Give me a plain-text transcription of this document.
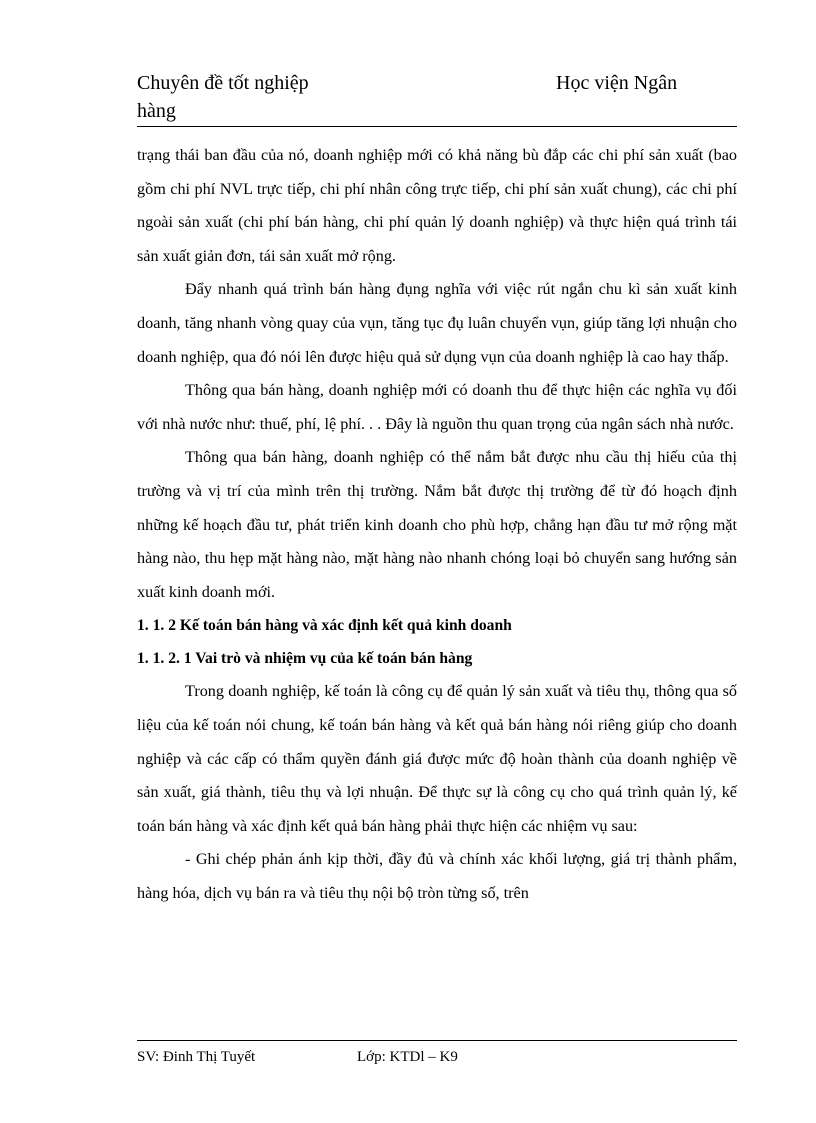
Chuyên đề tốt nghiệp	Học viện Ngân
hàng

trạng thái ban đầu của nó, doanh nghiệp mới có khả năng bù đắp các chi phí sản xuất (bao gồm chi phí NVL trực tiếp, chi phí nhân công trực tiếp, chi phí sản xuất chung), các chi phí ngoài sản xuất (chi phí bán hàng, chi phí quản lý doanh nghiệp) và thực hiện quá trình tái sản xuất giản đơn, tái sản xuất mở rộng.

Đẩy nhanh quá trình bán hàng đụng nghĩa với việc rút ngắn chu kì sản xuất kinh doanh, tăng nhanh vòng quay của vụn, tăng tục đụ luân chuyển vụn, giúp tăng lợi nhuận cho doanh nghiệp, qua đó nói lên được hiệu quả sử dụng vụn của doanh nghiệp là cao hay thấp.

Thông qua bán hàng, doanh nghiệp mới có doanh thu để thực hiện các nghĩa vụ đối với nhà nước như: thuế, phí, lệ phí. . . Đây là nguồn thu quan trọng của ngân sách nhà nước.

Thông qua bán hàng, doanh nghiệp có thể nắm bắt được nhu cầu thị hiếu của thị trường và vị trí của mình trên thị trường. Nắm bắt được thị trường để từ đó hoạch định những kế hoạch đầu tư, phát triển kinh doanh cho phù hợp, chẳng hạn đầu tư mở rộng mặt hàng nào, thu hẹp mặt hàng nào, mặt hàng nào nhanh chóng loại bỏ chuyển sang hướng sản xuất kinh doanh mới.

1. 1. 2 Kế toán bán hàng và xác định kết quả kinh doanh

1. 1. 2. 1 Vai trò và nhiệm vụ của kế toán bán hàng

Trong doanh nghiệp, kế toán là công cụ để quản lý sản xuất và tiêu thụ, thông qua số liệu của kế toán nói chung, kế toán bán hàng và kết quả bán hàng nói riêng giúp cho doanh nghiệp và các cấp có thẩm quyền đánh giá được mức độ hoàn thành của doanh nghiệp về sản xuất, giá thành, tiêu thụ và lợi nhuận. Để thực sự là công cụ cho quá trình quản lý, kế toán bán hàng và xác định kết quả bán hàng phải thực hiện các nhiệm vụ sau:

- Ghi chép phản ánh kịp thời, đầy đủ và chính xác khối lượng, giá trị thành phẩm, hàng hóa, dịch vụ bán ra và tiêu thụ nội bộ tròn từng số, trên

SV: Đinh Thị Tuyết	Lớp: KTDl – K9
